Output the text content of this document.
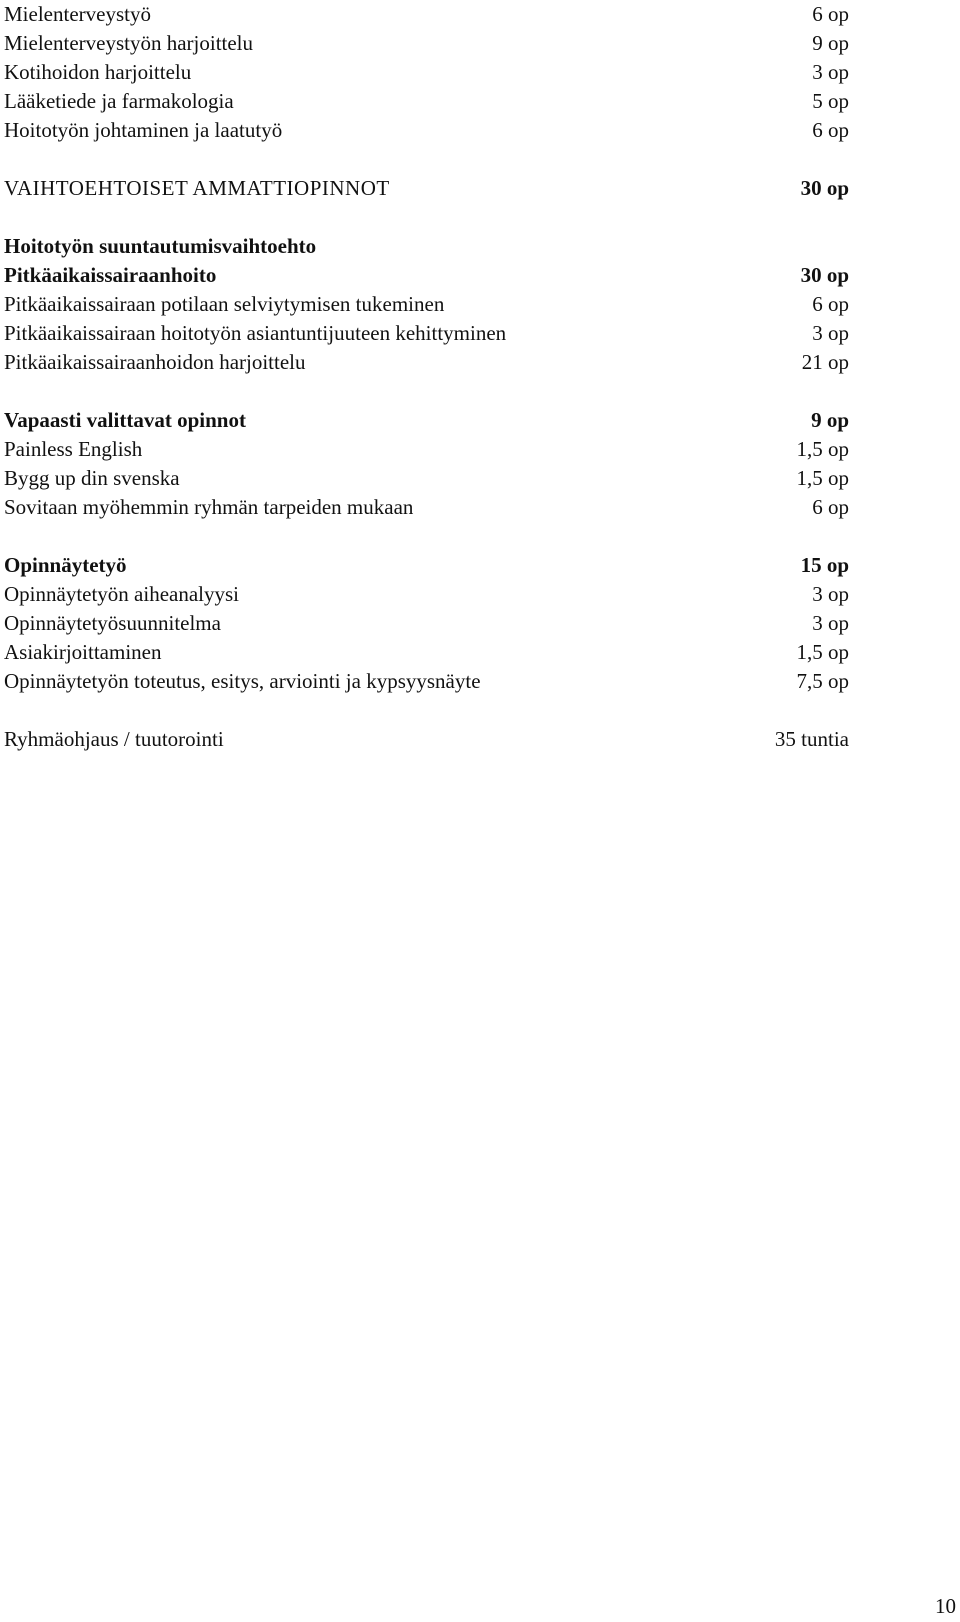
Mielenterveystyö	6 op
Mielenterveystyön harjoittelu	9 op
Kotihoidon harjoittelu	3 op
Lääketiede ja farmakologia	5 op
Hoitotyön johtaminen ja laatutyö	6 op
VAIHTOEHTOISET AMMATTIOPINNOT	30 op
Hoitotyön suuntautumisvaihtoehto
Pitkäaikaissairaanhoito	30 op
Pitkäaikaissairaan potilaan selviytymisen tukeminen	6 op
Pitkäaikaissairaan hoitotyön asiantuntijuuteen kehittyminen	3 op
Pitkäaikaissairaanhoidon harjoittelu	21 op
Vapaasti valittavat opinnot	9 op
Painless English	1,5 op
Bygg up din svenska	1,5 op
Sovitaan myöhemmin ryhmän tarpeiden mukaan	6 op
Opinnäytetyö	15 op
Opinnäytetyön aiheanalyysi	3 op
Opinnäytetyösuunnitelma	3 op
Asiakirjoittaminen	1,5 op
Opinnäytetyön toteutus, esitys, arviointi ja kypsyysnäyte	7,5 op
Ryhmäohjaus / tuutorointi	35 tuntia
10
